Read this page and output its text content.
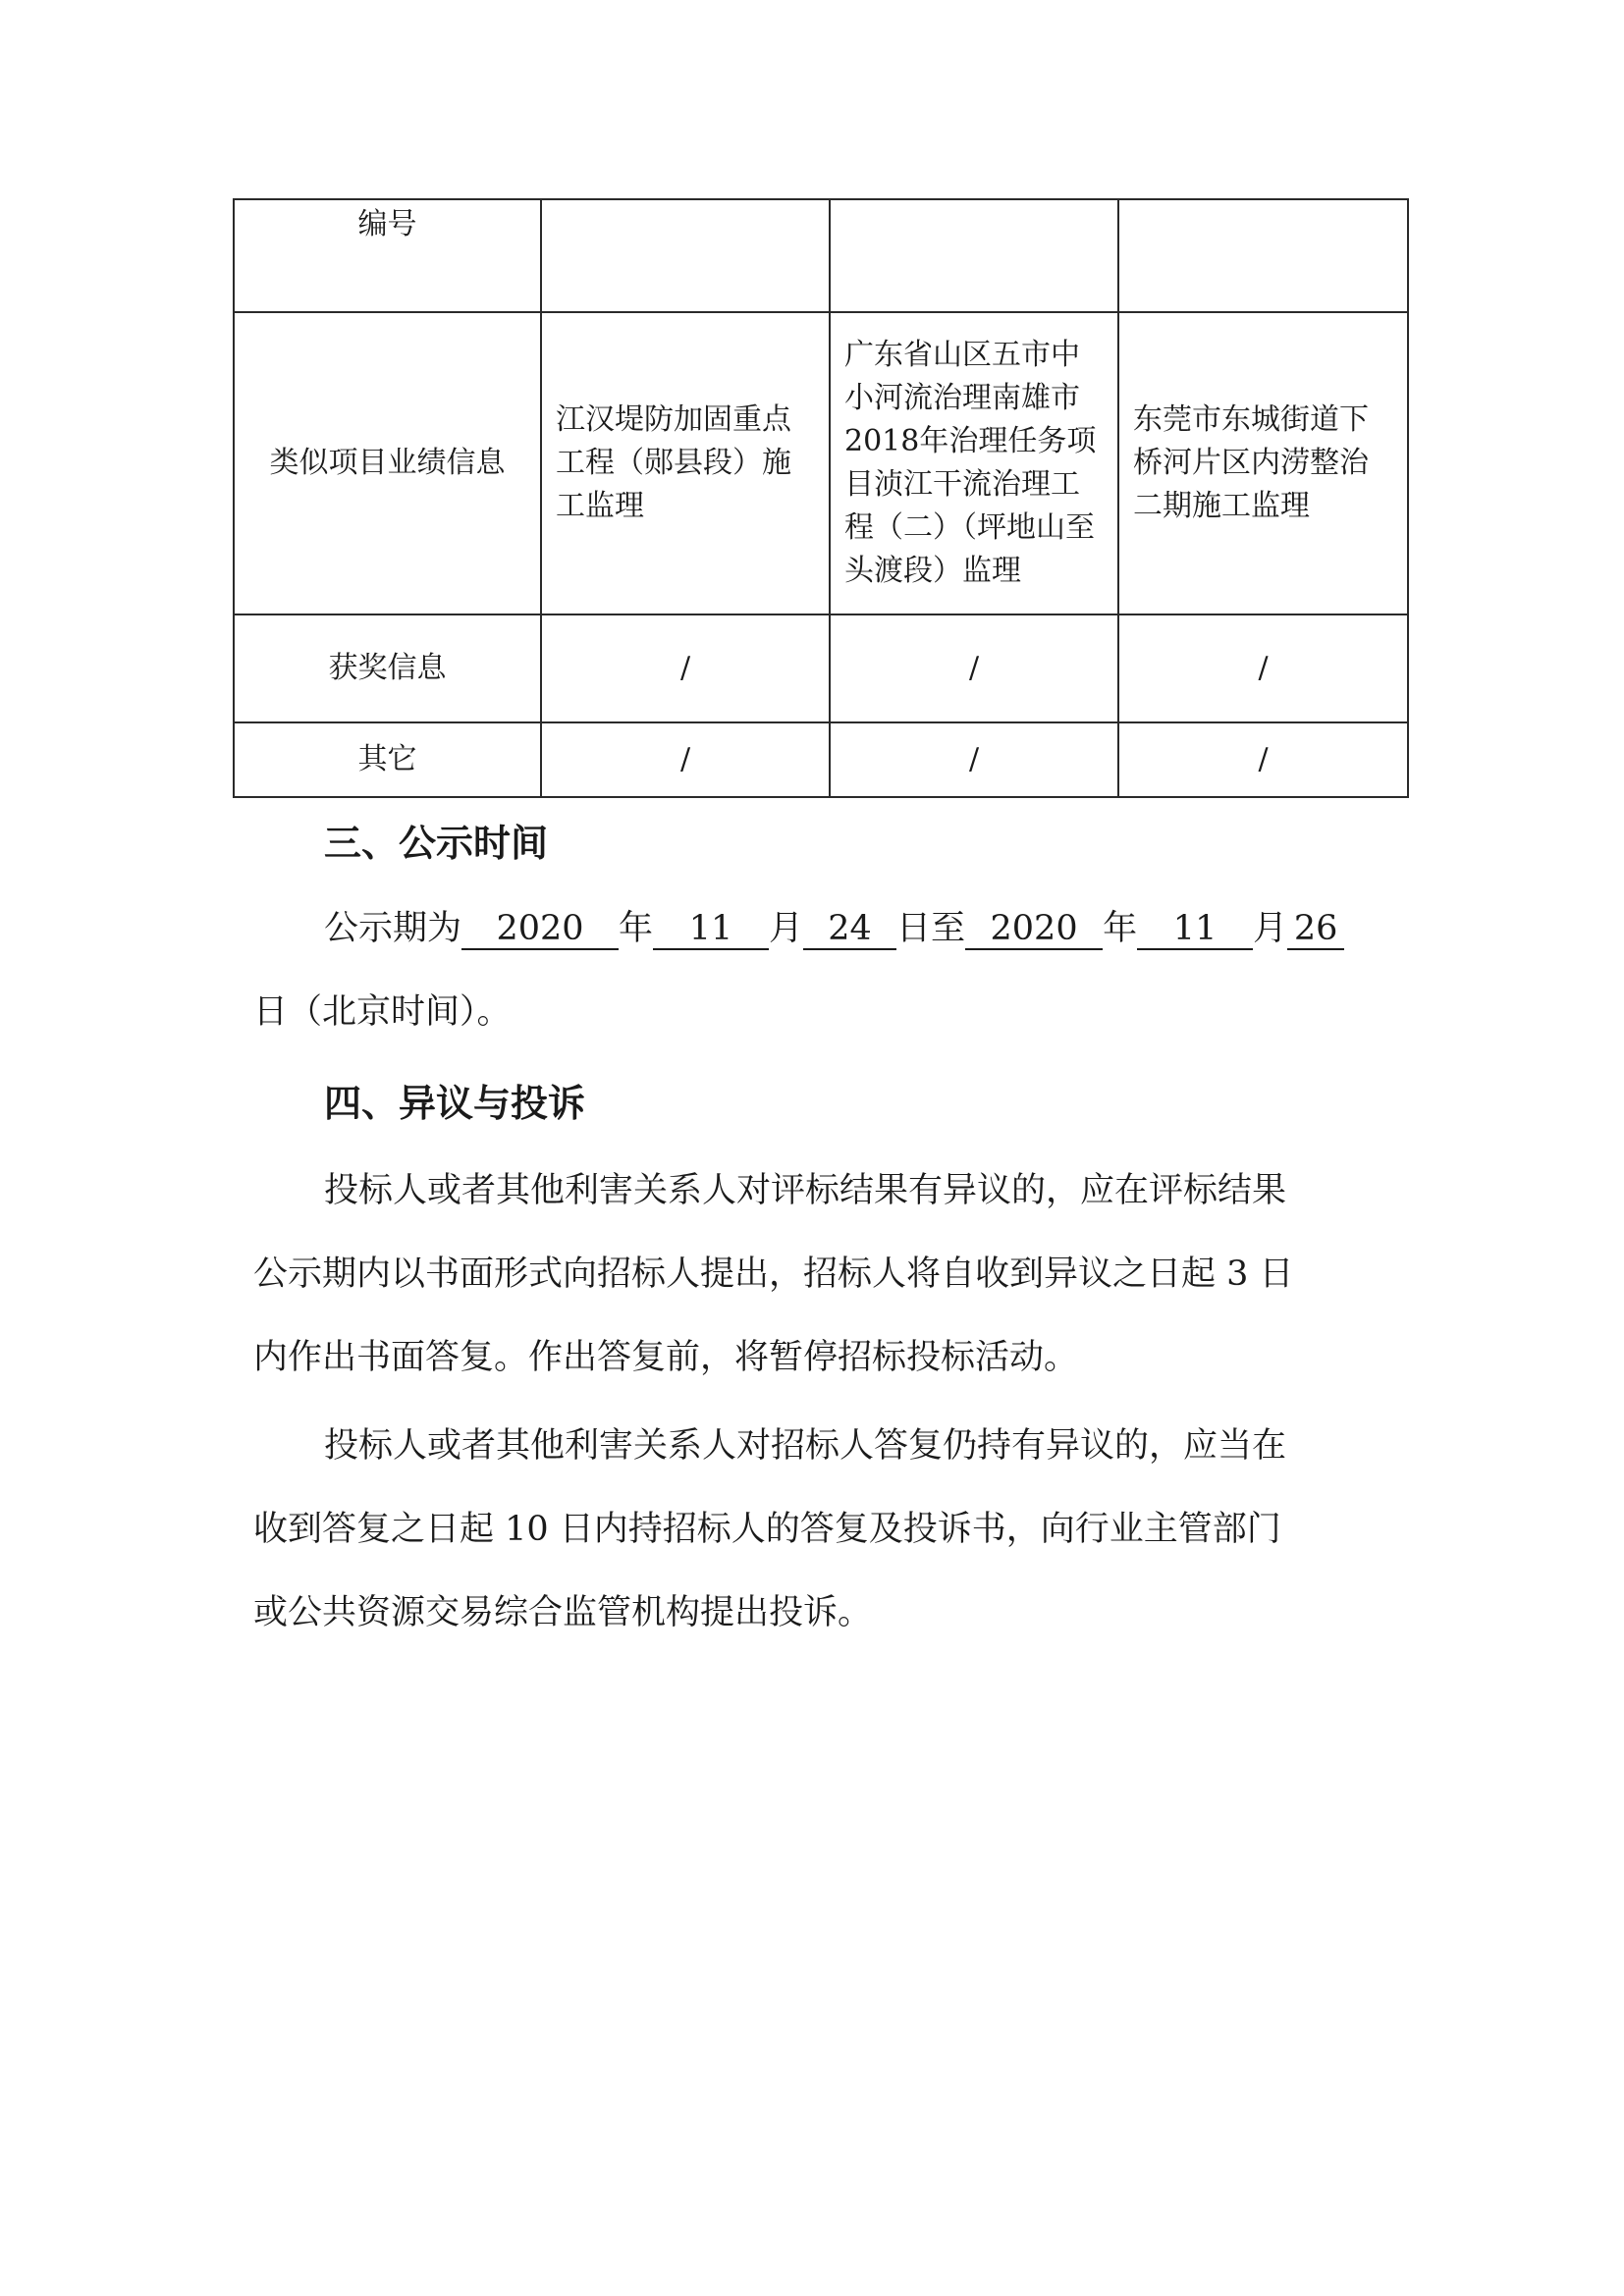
编号			
类似项目业绩信息	江汉堤防加固重点工程（郧县段）施工监理	广东省山区五市中小河流治理南雄市2018年治理任务项目浈江干流治理工程（二）（坪地山至头渡段）监理	东莞市东城街道下桥河片区内涝整治二期施工监理
获奖信息	/	/	/
其它	/	/	/
三、公示时间
公示期为 2020 年 11 月 24 日至 2020 年 11 月 26
日（北京时间）。
四、异议与投诉
投标人或者其他利害关系人对评标结果有异议的，应在评标结果
公示期内以书面形式向招标人提出，招标人将自收到异议之日起 3 日
内作出书面答复。作出答复前，将暂停招标投标活动。
投标人或者其他利害关系人对招标人答复仍持有异议的，应当在
收到答复之日起 10 日内持招标人的答复及投诉书，向行业主管部门
或公共资源交易综合监管机构提出投诉。
